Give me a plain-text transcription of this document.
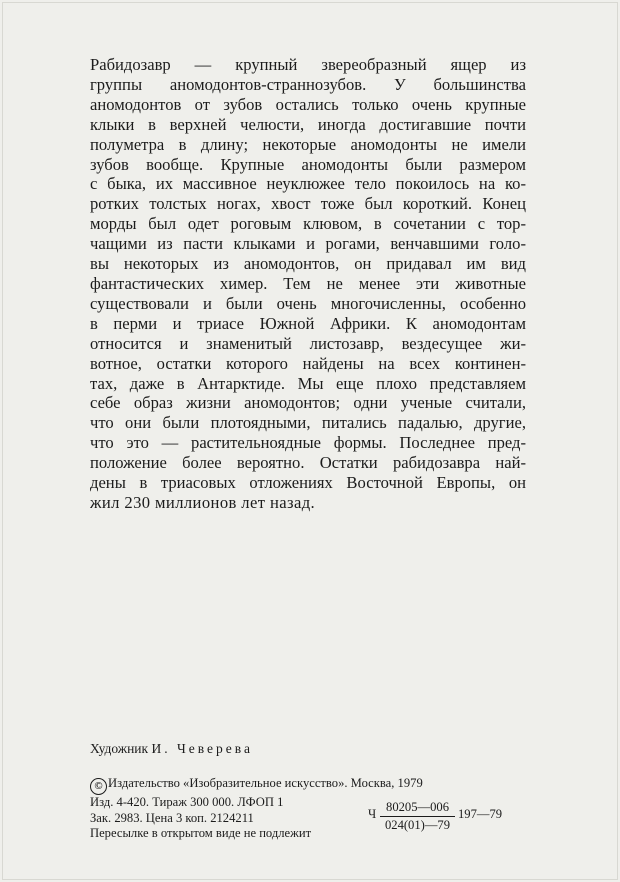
Рабидозавр — крупный звереобразный ящер из
группы аномодонтов-страннозубов. У большинства
аномодонтов от зубов остались только очень крупные
клыки в верхней челюсти, иногда достигавшие почти
полуметра в длину; некоторые аномодонты не имели
зубов вообще. Крупные аномодонты были размером
с быка, их массивное неуклюжее тело покоилось на ко-
ротких толстых ногах, хвост тоже был короткий. Конец
морды был одет роговым клювом, в сочетании с тор-
чащими из пасти клыками и рогами, венчавшими голо-
вы некоторых из аномодонтов, он придавал им вид
фантастических химер. Тем не менее эти животные
существовали и были очень многочисленны, особенно
в перми и триасе Южной Африки. К аномодонтам
относится и знаменитый листозавр, вездесущее жи-
вотное, остатки которого найдены на всех континен-
тах, даже в Антарктиде. Мы еще плохо представляем
себе образ жизни аномодонтов; одни ученые считали,
что они были плотоядными, питались падалью, другие,
что это — растительноядные формы. Последнее пред-
положение более вероятно. Остатки рабидозавра най-
дены в триасовых отложениях Восточной Европы, он
жил 230 миллионов лет назад.

Художник И. Чеверева

© Издательство «Изобразительное искусство». Москва, 1979
Изд. 4-420. Тираж 300 000. ЛФОП 1
Зак. 2983. Цена 3 коп. 2124211
Пересылке в открытом виде не подлежит
Ч $\frac{80205—006}{024(01)—79}$ 197—79
